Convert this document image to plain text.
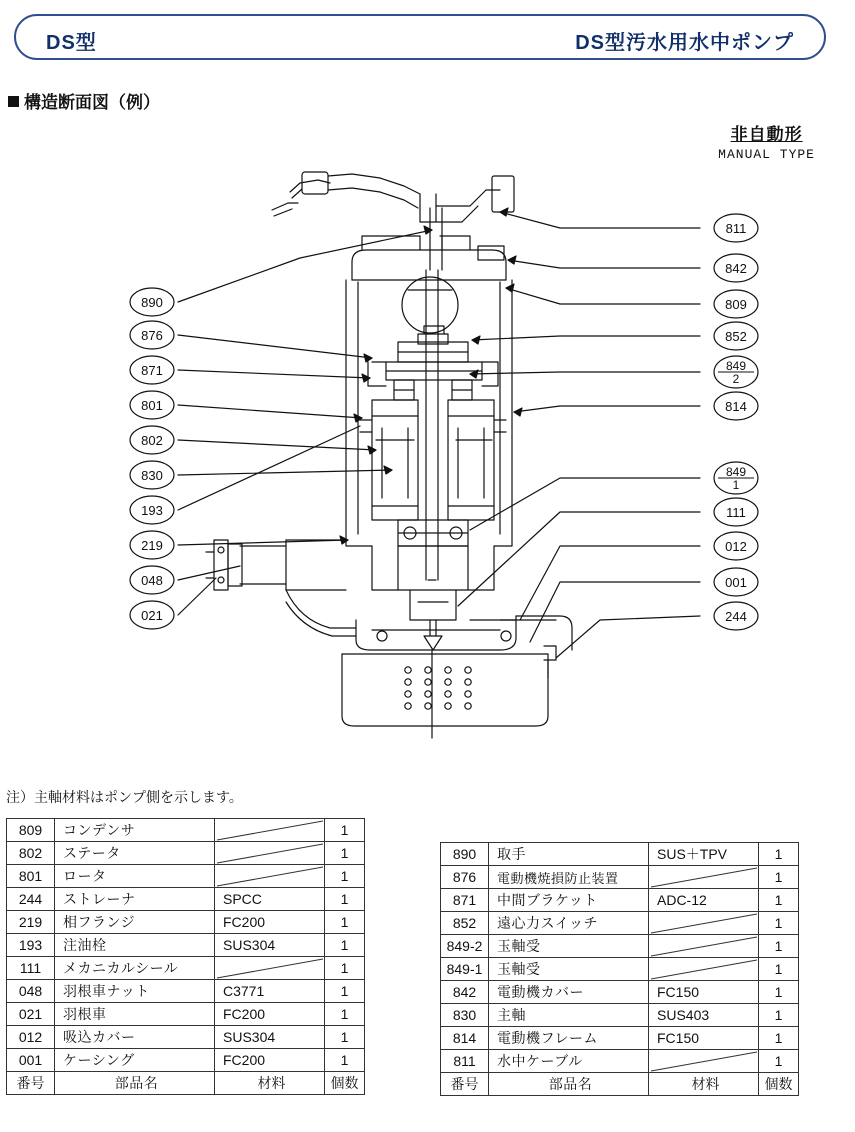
DS型	DS型汚水用水中ポンプ
構造断面図（例）
非自動形
MANUAL TYPE
890
876
871
801
802
830
193
219
048
021
811
842
809
852
849
2
814
849
1
111
012
001
244
注）主軸材料はポンプ側を示します。
809	コンデンサ		1
802	ステータ		1
801	ロータ		1
244	ストレーナ	SPCC	1
219	相フランジ	FC200	1
193	注油栓	SUS304	1
111	メカニカルシール		1
048	羽根車ナット	C3771	1
021	羽根車	FC200	1
012	吸込カバー	SUS304	1
001	ケーシング	FC200	1
番号	部品名	材料	個数
890	取手	SUS＋TPV	1
876	電動機焼損防止装置		1
871	中間ブラケット	ADC-12	1
852	遠心力スイッチ		1
849-2	玉軸受		1
849-1	玉軸受		1
842	電動機カバー	FC150	1
830	主軸	SUS403	1
814	電動機フレーム	FC150	1
811	水中ケーブル		1
番号	部品名	材料	個数
